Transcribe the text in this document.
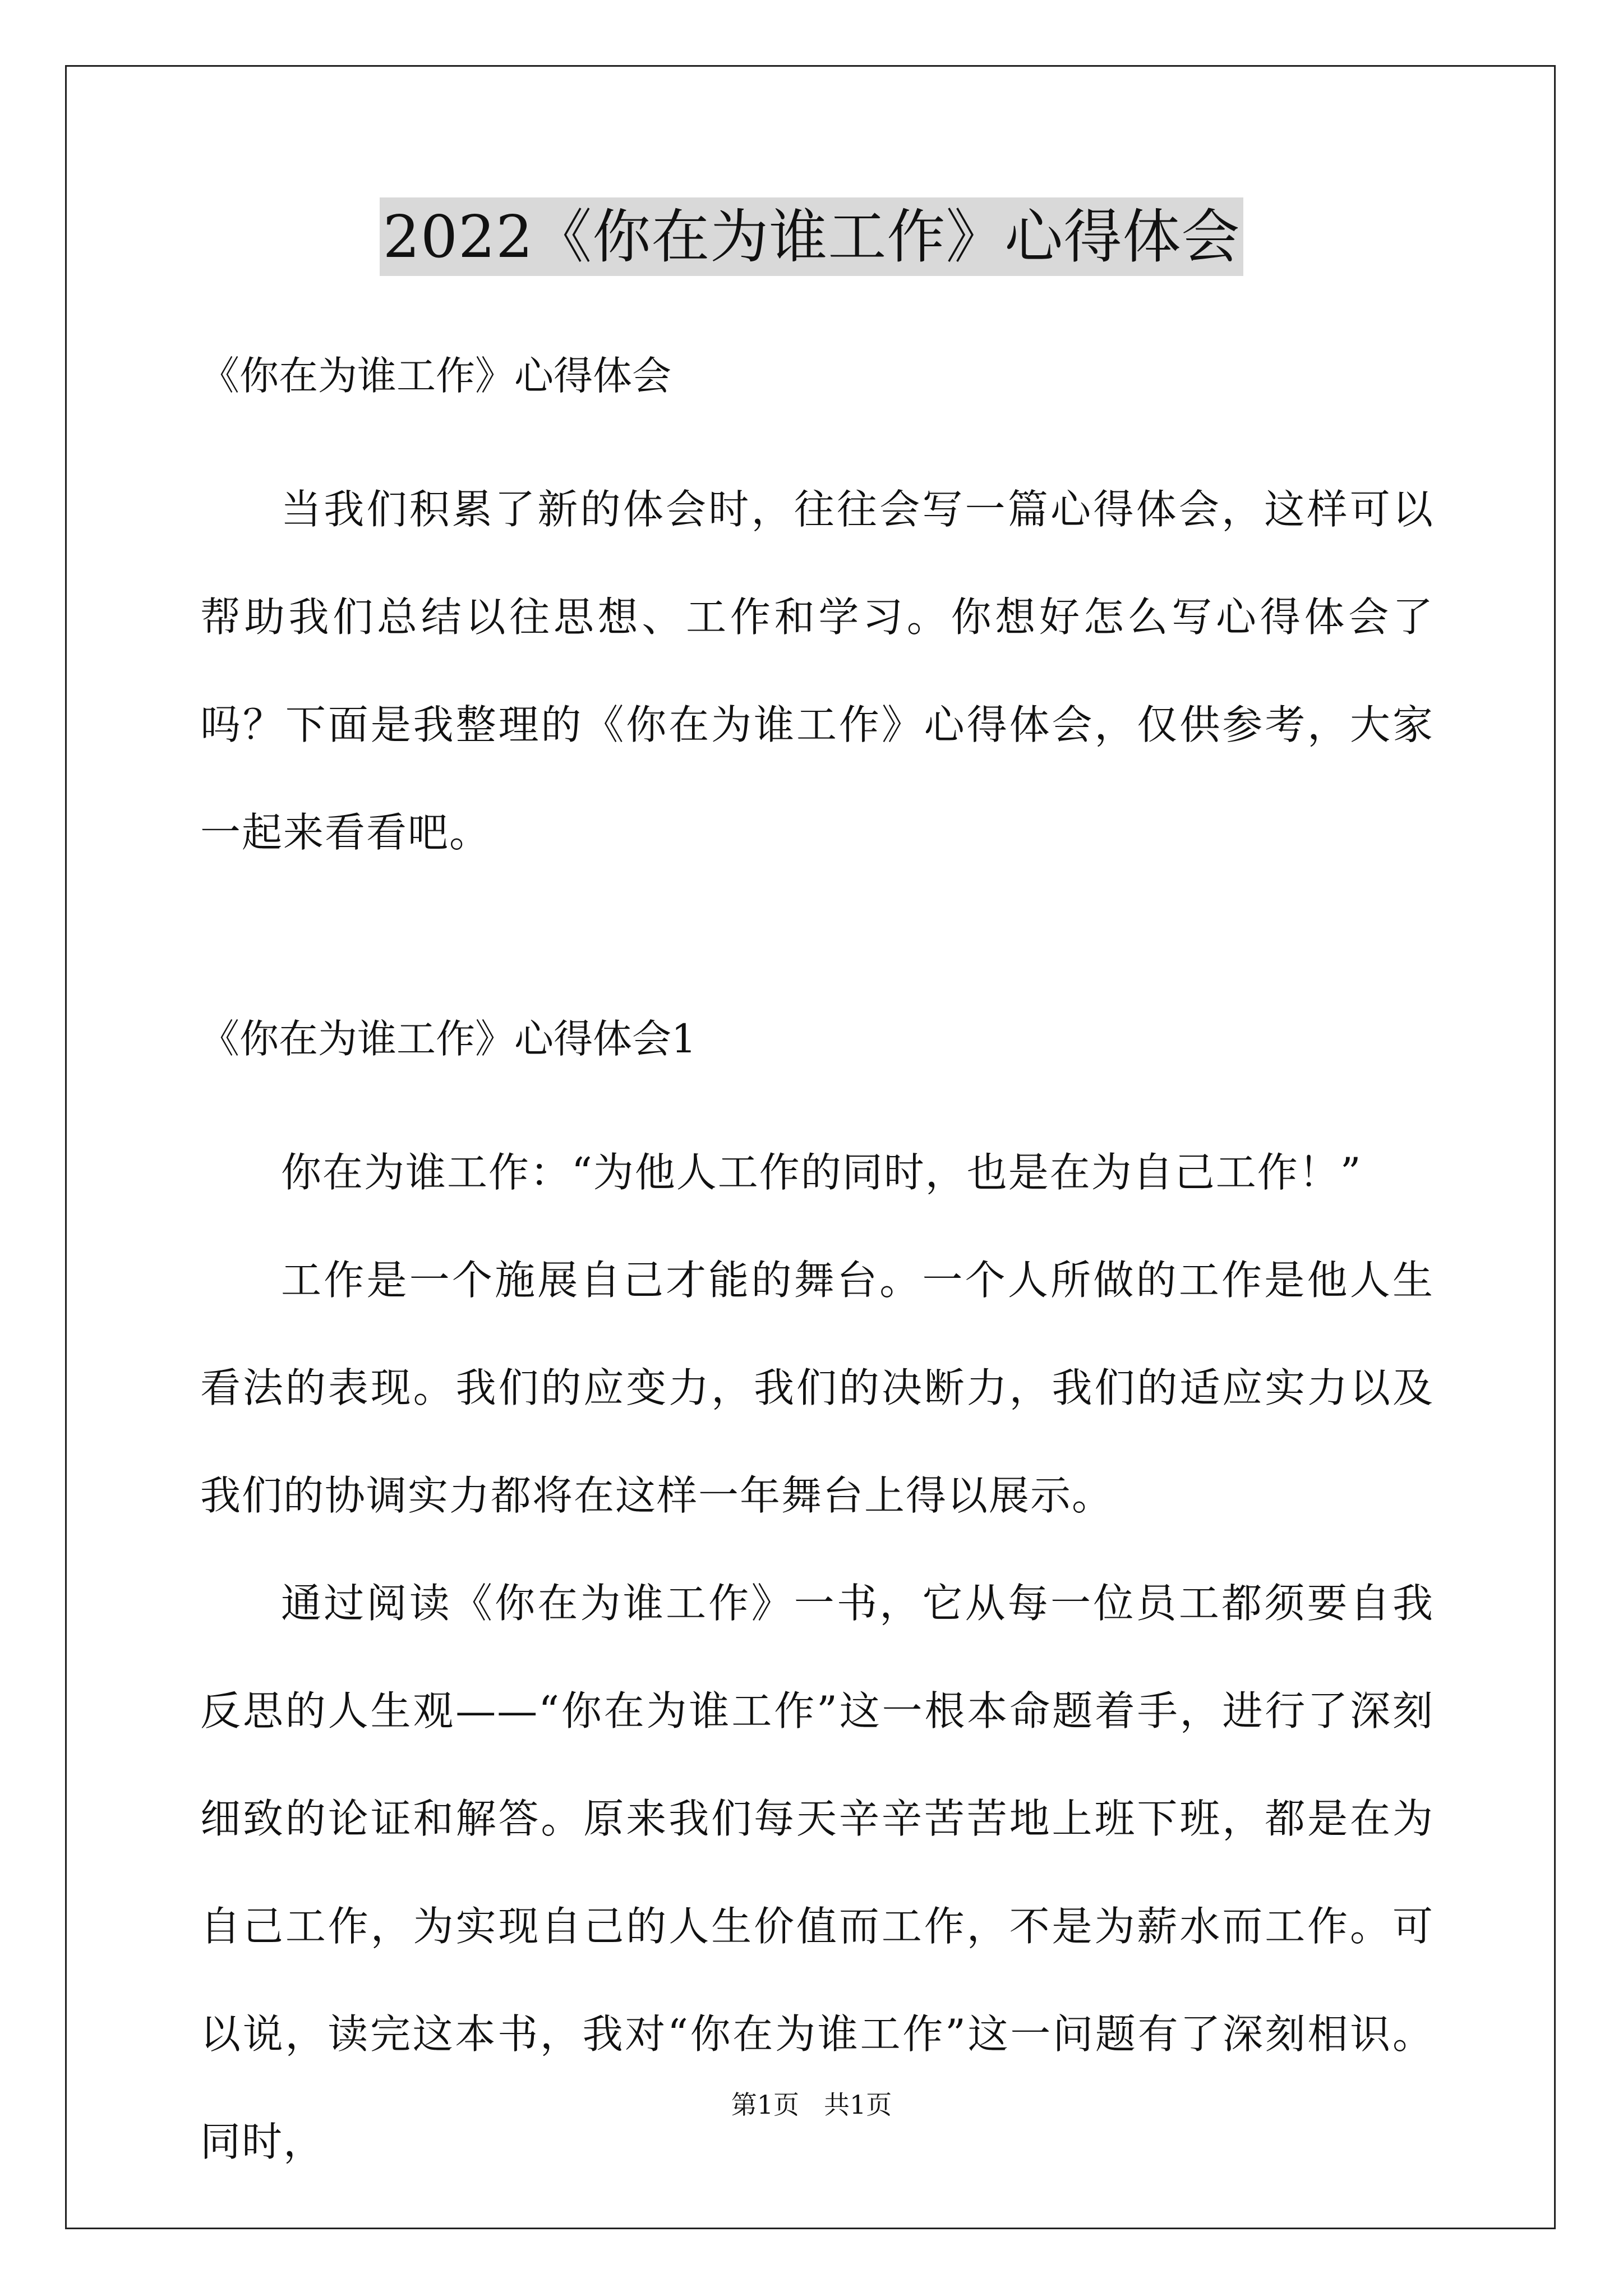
2022《你在为谁工作》心得体会

《你在为谁工作》心得体会

当我们积累了新的体会时，往往会写一篇心得体会，这样可以帮助我们总结以往思想、工作和学习。你想好怎么写心得体会了吗？下面是我整理的《你在为谁工作》心得体会，仅供参考，大家一起来看看吧。

《你在为谁工作》心得体会1

你在为谁工作：“为他人工作的同时，也是在为自己工作！”

工作是一个施展自己才能的舞台。一个人所做的工作是他人生看法的表现。我们的应变力，我们的决断力，我们的适应实力以及我们的协调实力都将在这样一年舞台上得以展示。

通过阅读《你在为谁工作》一书，它从每一位员工都须要自我反思的人生观——“你在为谁工作”这一根本命题着手，进行了深刻细致的论证和解答。原来我们每天辛辛苦苦地上班下班，都是在为自己工作，为实现自己的人生价值而工作，不是为薪水而工作。可以说，读完这本书，我对“你在为谁工作”这一问题有了深刻相识。同时，

第1页 共1页
